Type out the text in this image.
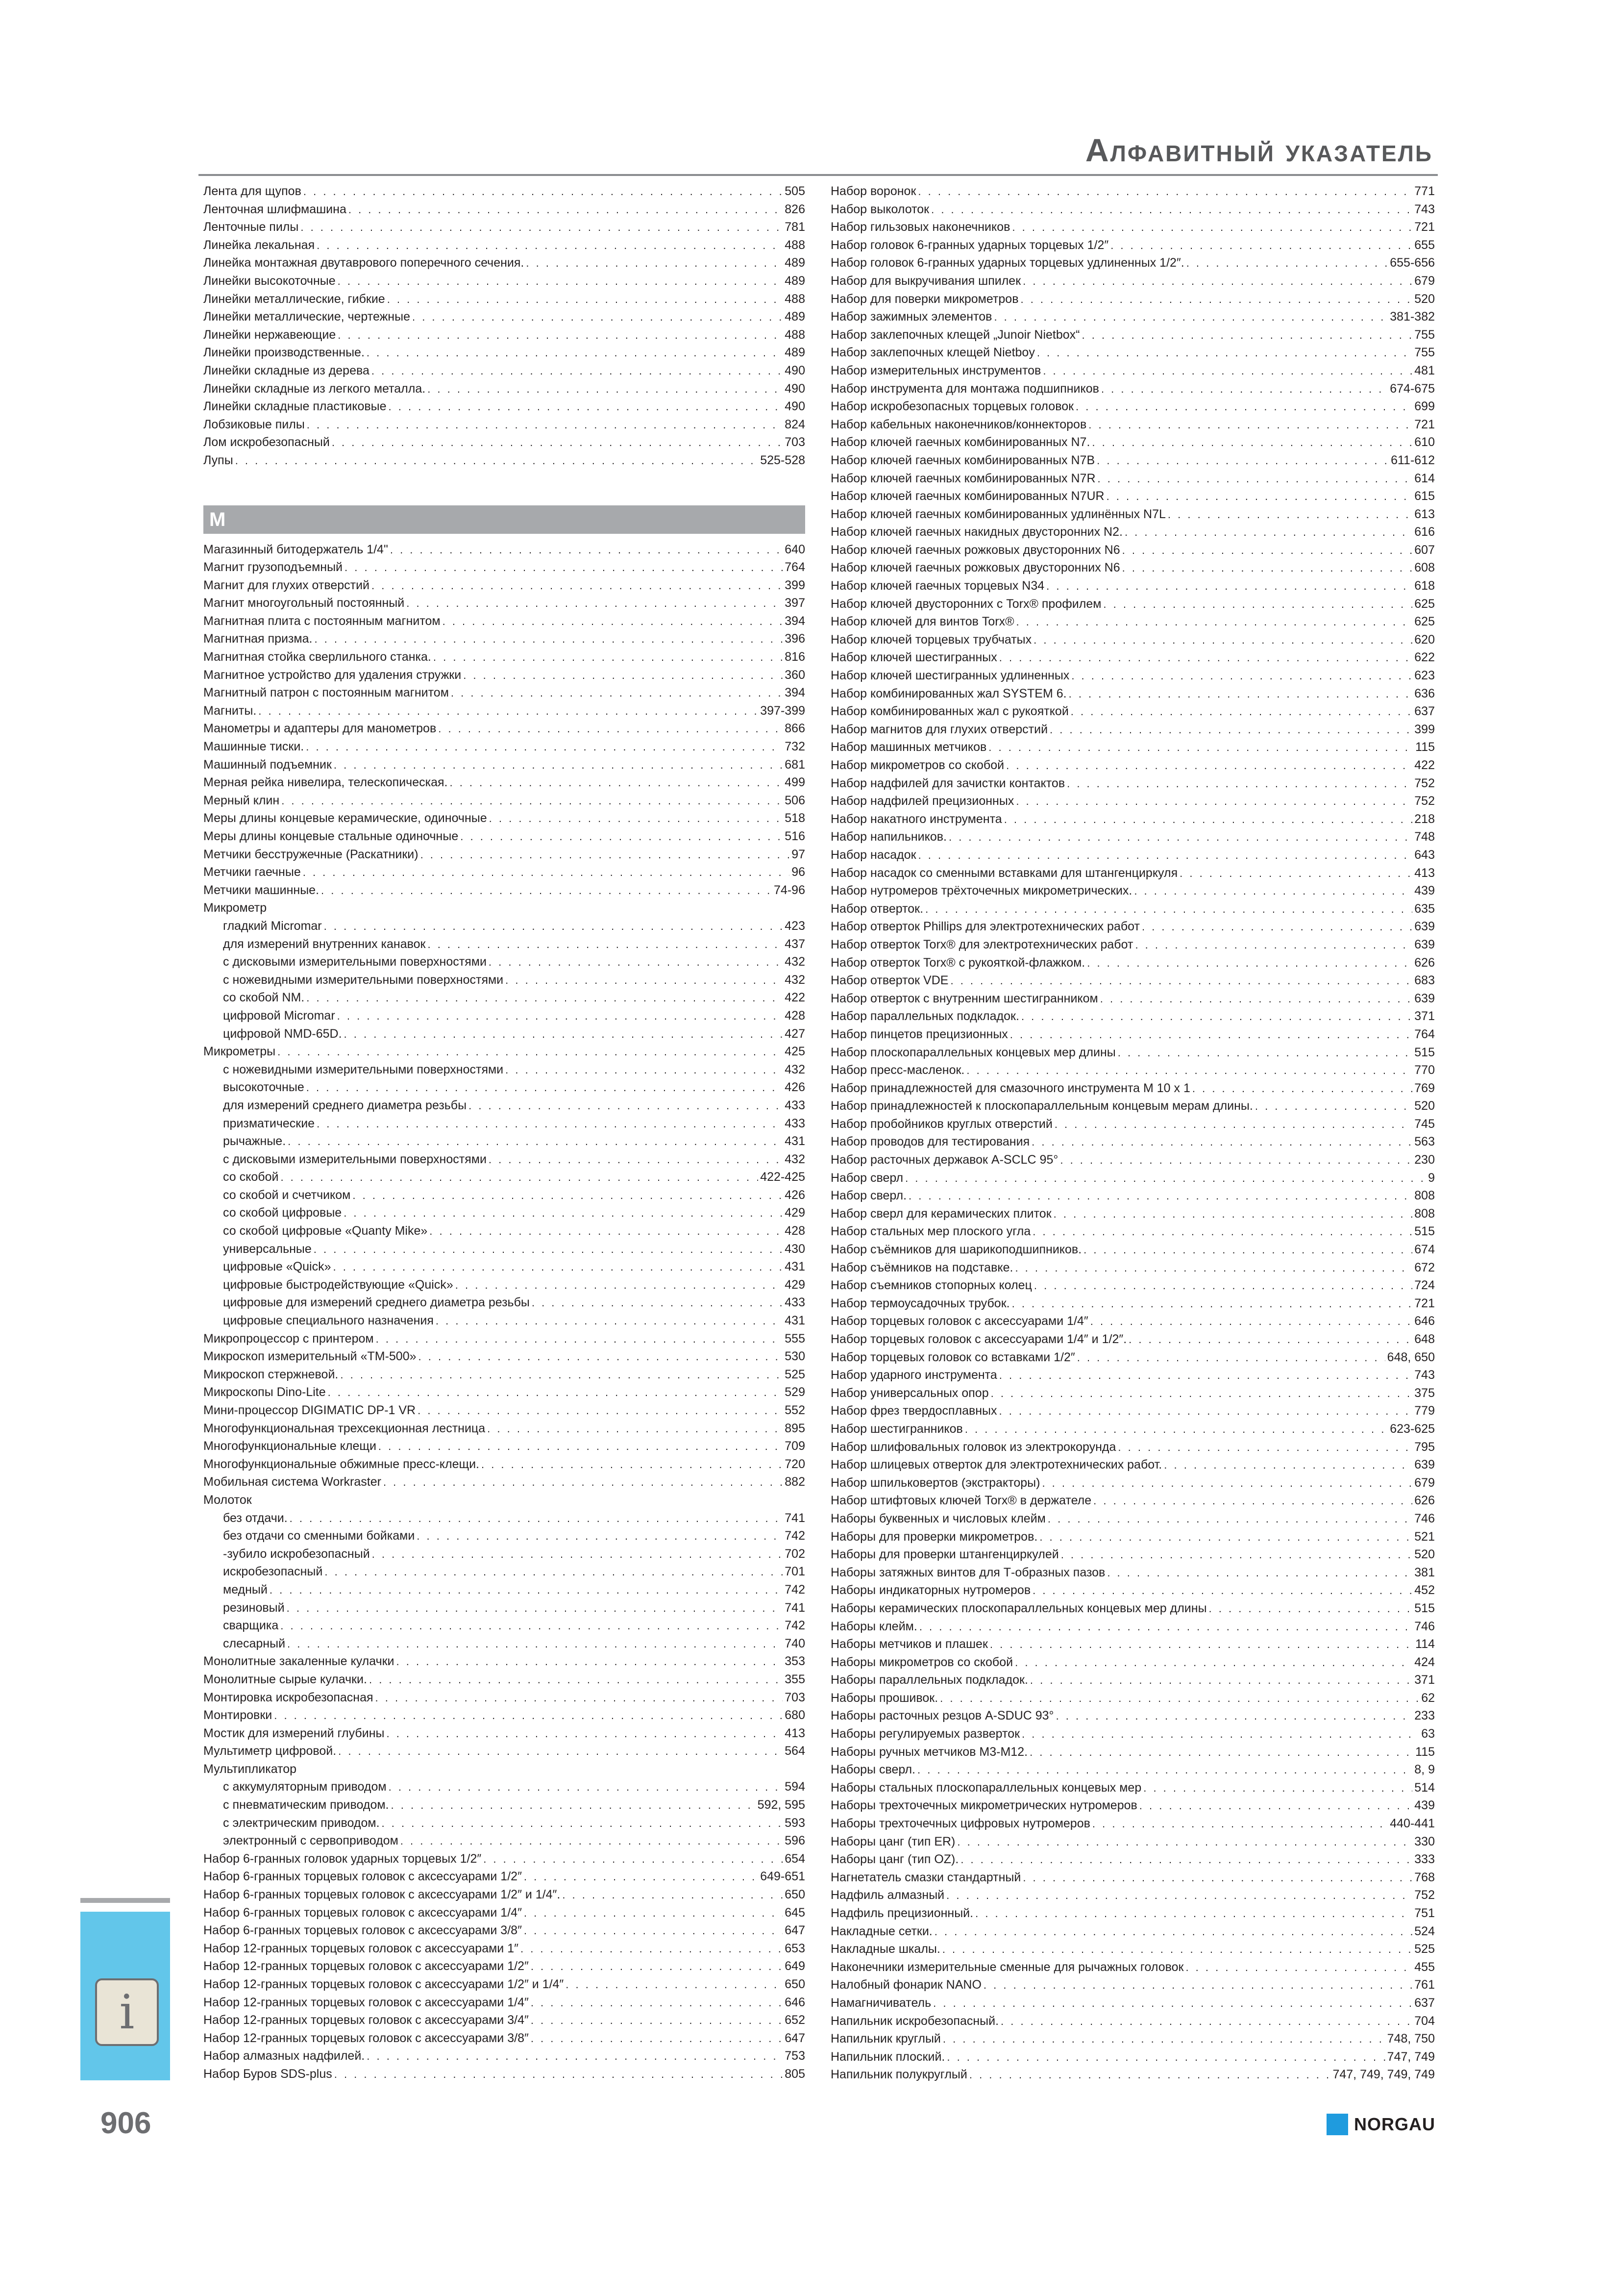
Алфавитный указатель
Лента для щупов . . .	505
Ленточная шлифмашина . . .	826
Ленточные пилы . . .	781
Линейка лекальная . . .	488
Линейка монтажная двутаврового поперечного сечения. . . .	489
Линейки высокоточные . . .	489
Линейки металлические, гибкие . . .	488
Линейки металлические, чертежные . . .	489
Линейки нержавеющие . . .	488
Линейки производственные. . . .	489
Линейки складные из дерева . . .	490
Линейки складные из легкого металла. . . .	490
Линейки складные пластиковые . . .	490
Лобзиковые пилы . . .	824
Лом искробезопасный . . .	703
Лупы . . .	525-528
М
Магазинный битодержатель 1/4" . . .	640
Магнит грузоподъемный . . .	764
Магнит для глухих отверстий . . .	399
Магнит многоугольный постоянный . . .	397
Магнитная плита с постоянным магнитом . . .	394
Магнитная призма. . . .	396
Магнитная стойка сверлильного станка. . . .	816
Магнитное устройство для удаления стружки . . .	360
Магнитный патрон с постоянным магнитом . . .	394
Магниты. . . .	397-399
Манометры и адаптеры для манометров . . .	866
Машинные тиски. . . .	732
Машинный подъемник . . .	681
Мерная рейка нивелира, телескопическая. . . .	499
Мерный клин . . .	506
Меры длины концевые керамические, одиночные . . .	518
Меры длины концевые стальные одиночные . . .	516
Метчики бесстружечные (Раскатники) . . .	97
Метчики гаечные . . .	96
Метчики машинные. . . .	74-96
Микрометр
гладкий Micromar . . .	423
для измерений внутренних канавок . . .	437
с дисковыми измерительными поверхностями . . .	432
с ножевидными измерительными поверхностями . . .	432
со скобой NM. . . .	422
цифровой Micromar . . .	428
цифровой NMD-65D. . . .	427
Микрометры . . .	425
с ножевидными измерительными поверхностями . . .	432
высокоточные . . .	426
для измерений среднего диаметра резьбы . . .	433
призматические . . .	433
рычажные. . . .	431
с дисковыми измерительными поверхностями . . .	432
со скобой . . .	422-425
со скобой и счетчиком . . .	426
со скобой цифровые . . .	429
со скобой цифровые «Quanty Mike» . . .	428
универсальные . . .	430
цифровые «Quick» . . .	431
цифровые быстродействующие «Quick» . . .	429
цифровые для измерений среднего диаметра резьбы . . .	433
цифровые специального назначения . . .	431
Микропроцессор с принтером . . .	555
Микроскоп измерительный «ТМ-500» . . .	530
Микроскоп стержневой. . . .	525
Микроскопы Dino-Lite . . .	529
Мини-процессор DIGIMATIC DP-1 VR . . .	552
Многофункциональная трехсекционная лестница . . .	895
Многофункциональные клещи . . .	709
Многофункциональные обжимные пресс-клещи. . . .	720
Мобильная система Workraster . . .	882
Молоток
без отдачи. . . .	741
без отдачи со сменными бойками . . .	742
-зубило искробезопасный . . .	702
искробезопасный . . .	701
медный . . .	742
резиновый . . .	741
сварщика . . .	742
слесарный . . .	740
Монолитные закаленные кулачки . . .	353
Монолитные сырые кулачки. . . .	355
Монтировка искробезопасная . . .	703
Монтировки . . .	680
Мостик для измерений глубины . . .	413
Мультиметр цифровой. . . .	564
Мультипликатор
с аккумуляторным приводом . . .	594
с пневматическим приводом. . . .	592, 595
с электрическим приводом. . . .	593
электронный с сервоприводом . . .	596
Набор 6-гранных головок ударных торцевых 1/2″ . . .	654
Набор 6-гранных торцевых головок с аксессуарами 1/2″ . . .	649-651
Набор 6-гранных торцевых головок с аксессуарами 1/2″ и 1/4″. . . .	650
Набор 6-гранных торцевых головок с аксессуарами 1/4″ . . .	645
Набор 6-гранных торцевых головок с аксессуарами 3/8″ . . .	647
Набор 12-гранных торцевых головок с аксессуарами 1″ . . .	653
Набор 12-гранных торцевых головок с аксессуарами 1/2″ . . .	649
Набор 12-гранных торцевых головок с аксессуарами 1/2″ и 1/4″ . . .	650
Набор 12-гранных торцевых головок с аксессуарами 1/4″ . . .	646
Набор 12-гранных торцевых головок с аксессуарами 3/4″ . . .	652
Набор 12-гранных торцевых головок с аксессуарами 3/8″ . . .	647
Набор алмазных надфилей. . . .	753
Набор Буров SDS-plus . . .	805
Набор воронок . . .	771
Набор выколоток . . .	743
Набор гильзовых наконечников . . .	721
Набор головок 6-гранных ударных торцевых 1/2″ . . .	655
Набор головок 6-гранных ударных торцевых удлиненных 1/2″. . . .	655-656
Набор для выкручивания шпилек . . .	679
Набор для поверки микрометров . . .	520
Набор зажимных элементов . . .	381-382
Набор заклепочных клещей „Junoir Nietbox“ . . .	755
Набор заклепочных клещей Nietboy . . .	755
Набор измерительных инструментов . . .	481
Набор инструмента для монтажа подшипников . . .	674-675
Набор искробезопасных торцевых головок . . .	699
Набор кабельных наконечников/коннекторов . . .	721
Набор ключей гаечных комбинированных N7. . . .	610
Набор ключей гаечных комбинированных N7B . . .	611-612
Набор ключей гаечных комбинированных N7R . . .	614
Набор ключей гаечных комбинированных N7UR . . .	615
Набор ключей гаечных комбинированных удлинённых N7L . . .	613
Набор ключей гаечных накидных двусторонних N2. . . .	616
Набор ключей гаечных рожковых двусторонних N6 . . .	607
Набор ключей гаечных рожковых двусторонних N6 . . .	608
Набор ключей гаечных торцевых N34 . . .	618
Набор ключей двусторонних с Torx® профилем . . .	625
Набор ключей для винтов Torx® . . .	625
Набор ключей торцевых трубчатых . . .	620
Набор ключей шестигранных . . .	622
Набор ключей шестигранных удлиненных . . .	623
Набор комбинированных жал SYSTEM 6. . . .	636
Набор комбинированных жал с рукояткой . . .	637
Набор магнитов для глухих отверстий . . .	399
Набор машинных метчиков . . .	115
Набор микрометров со скобой . . .	422
Набор надфилей для зачистки контактов . . .	752
Набор надфилей прецизионных . . .	752
Набор накатного инструмента . . .	218
Набор напильников. . . .	748
Набор насадок . . .	643
Набор насадок со сменными вставками для штангенциркуля . . .	413
Набор нутромеров трёхточечных микрометрических. . . .	439
Набор отверток. . . .	635
Набор отверток Phillips для электротехнических работ . . .	639
Набор отверток Torx® для электротехнических работ . . .	639
Набор отверток Torx® с рукояткой-флажком. . . .	626
Набор отверток VDE . . .	683
Набор отверток с внутренним шестигранником . . .	639
Набор параллельных подкладок. . . .	371
Набор пинцетов прецизионных . . .	764
Набор плоскопараллельных концевых мер длины . . .	515
Набор пресс-масленок. . . .	770
Набор принадлежностей для смазочного инструмента М 10 х 1 . . .	769
Набор принадлежностей к плоскопараллельным концевым мерам длины. . . .	520
Набор пробойников круглых отверстий . . .	745
Набор проводов для тестирования . . .	563
Набор расточных державок A-SCLC 95° . . .	230
Набор сверл . . .	9
Набор сверл. . . .	808
Набор сверл для керамических плиток . . .	808
Набор стальных мер плоского угла . . .	515
Набор съёмников для шарикоподшипников. . . .	674
Набор съёмников на подставке. . . .	672
Набор съемников стопорных колец . . .	724
Набор термоусадочных трубок. . . .	721
Набор торцевых головок с аксессуарами 1/4″ . . .	646
Набор торцевых головок с аксессуарами 1/4″ и 1/2″. . . .	648
Набор торцевых головок со вставками 1/2″ . . .	648, 650
Набор ударного инструмента . . .	743
Набор универсальных опор . . .	375
Набор фрез твердосплавных . . .	779
Набор шестигранников . . .	623-625
Набор шлифовальных головок из электрокорунда . . .	795
Набор шлицевых отверток для электротехнических работ. . . .	639
Набор шпильковертов (экстракторы) . . .	679
Набор штифтовых ключей Torx® в держателе . . .	626
Наборы буквенных и числовых клейм . . .	746
Наборы для проверки микрометров. . . .	521
Наборы для проверки штангенциркулей . . .	520
Наборы затяжных винтов для Т-образных пазов . . .	381
Наборы индикаторных нутромеров . . .	452
Наборы керамических плоскопараллельных концевых мер длины . . .	515
Наборы клейм. . . .	746
Наборы метчиков и плашек . . .	114
Наборы микрометров со скобой . . .	424
Наборы параллельных подкладок. . . .	371
Наборы прошивок. . . .	62
Наборы расточных резцов A-SDUC 93° . . .	233
Наборы регулируемых разверток . . .	63
Наборы ручных метчиков М3-М12. . . .	115
Наборы сверл. . . .	8, 9
Наборы стальных плоскопараллельных концевых мер . . .	514
Наборы трехточечных микрометрических нутромеров . . .	439
Наборы трехточечных цифровых нутромеров . . .	440-441
Наборы цанг (тип ER) . . .	330
Наборы цанг (тип OZ). . . .	333
Нагнетатель смазки стандартный . . .	768
Надфиль алмазный . . .	752
Надфиль прецизионный. . . .	751
Накладные сетки. . . .	524
Накладные шкалы. . . .	525
Наконечники измерительные сменные для рычажных головок . . .	455
Налобный фонарик NANO . . .	761
Намагничиватель . . .	637
Напильник искробезопасный. . . .	704
Напильник круглый . . .	748, 750
Напильник плоский. . . .	747, 749
Напильник полукруглый . . .	747, 749, 749, 749
i
906	NORGAU
